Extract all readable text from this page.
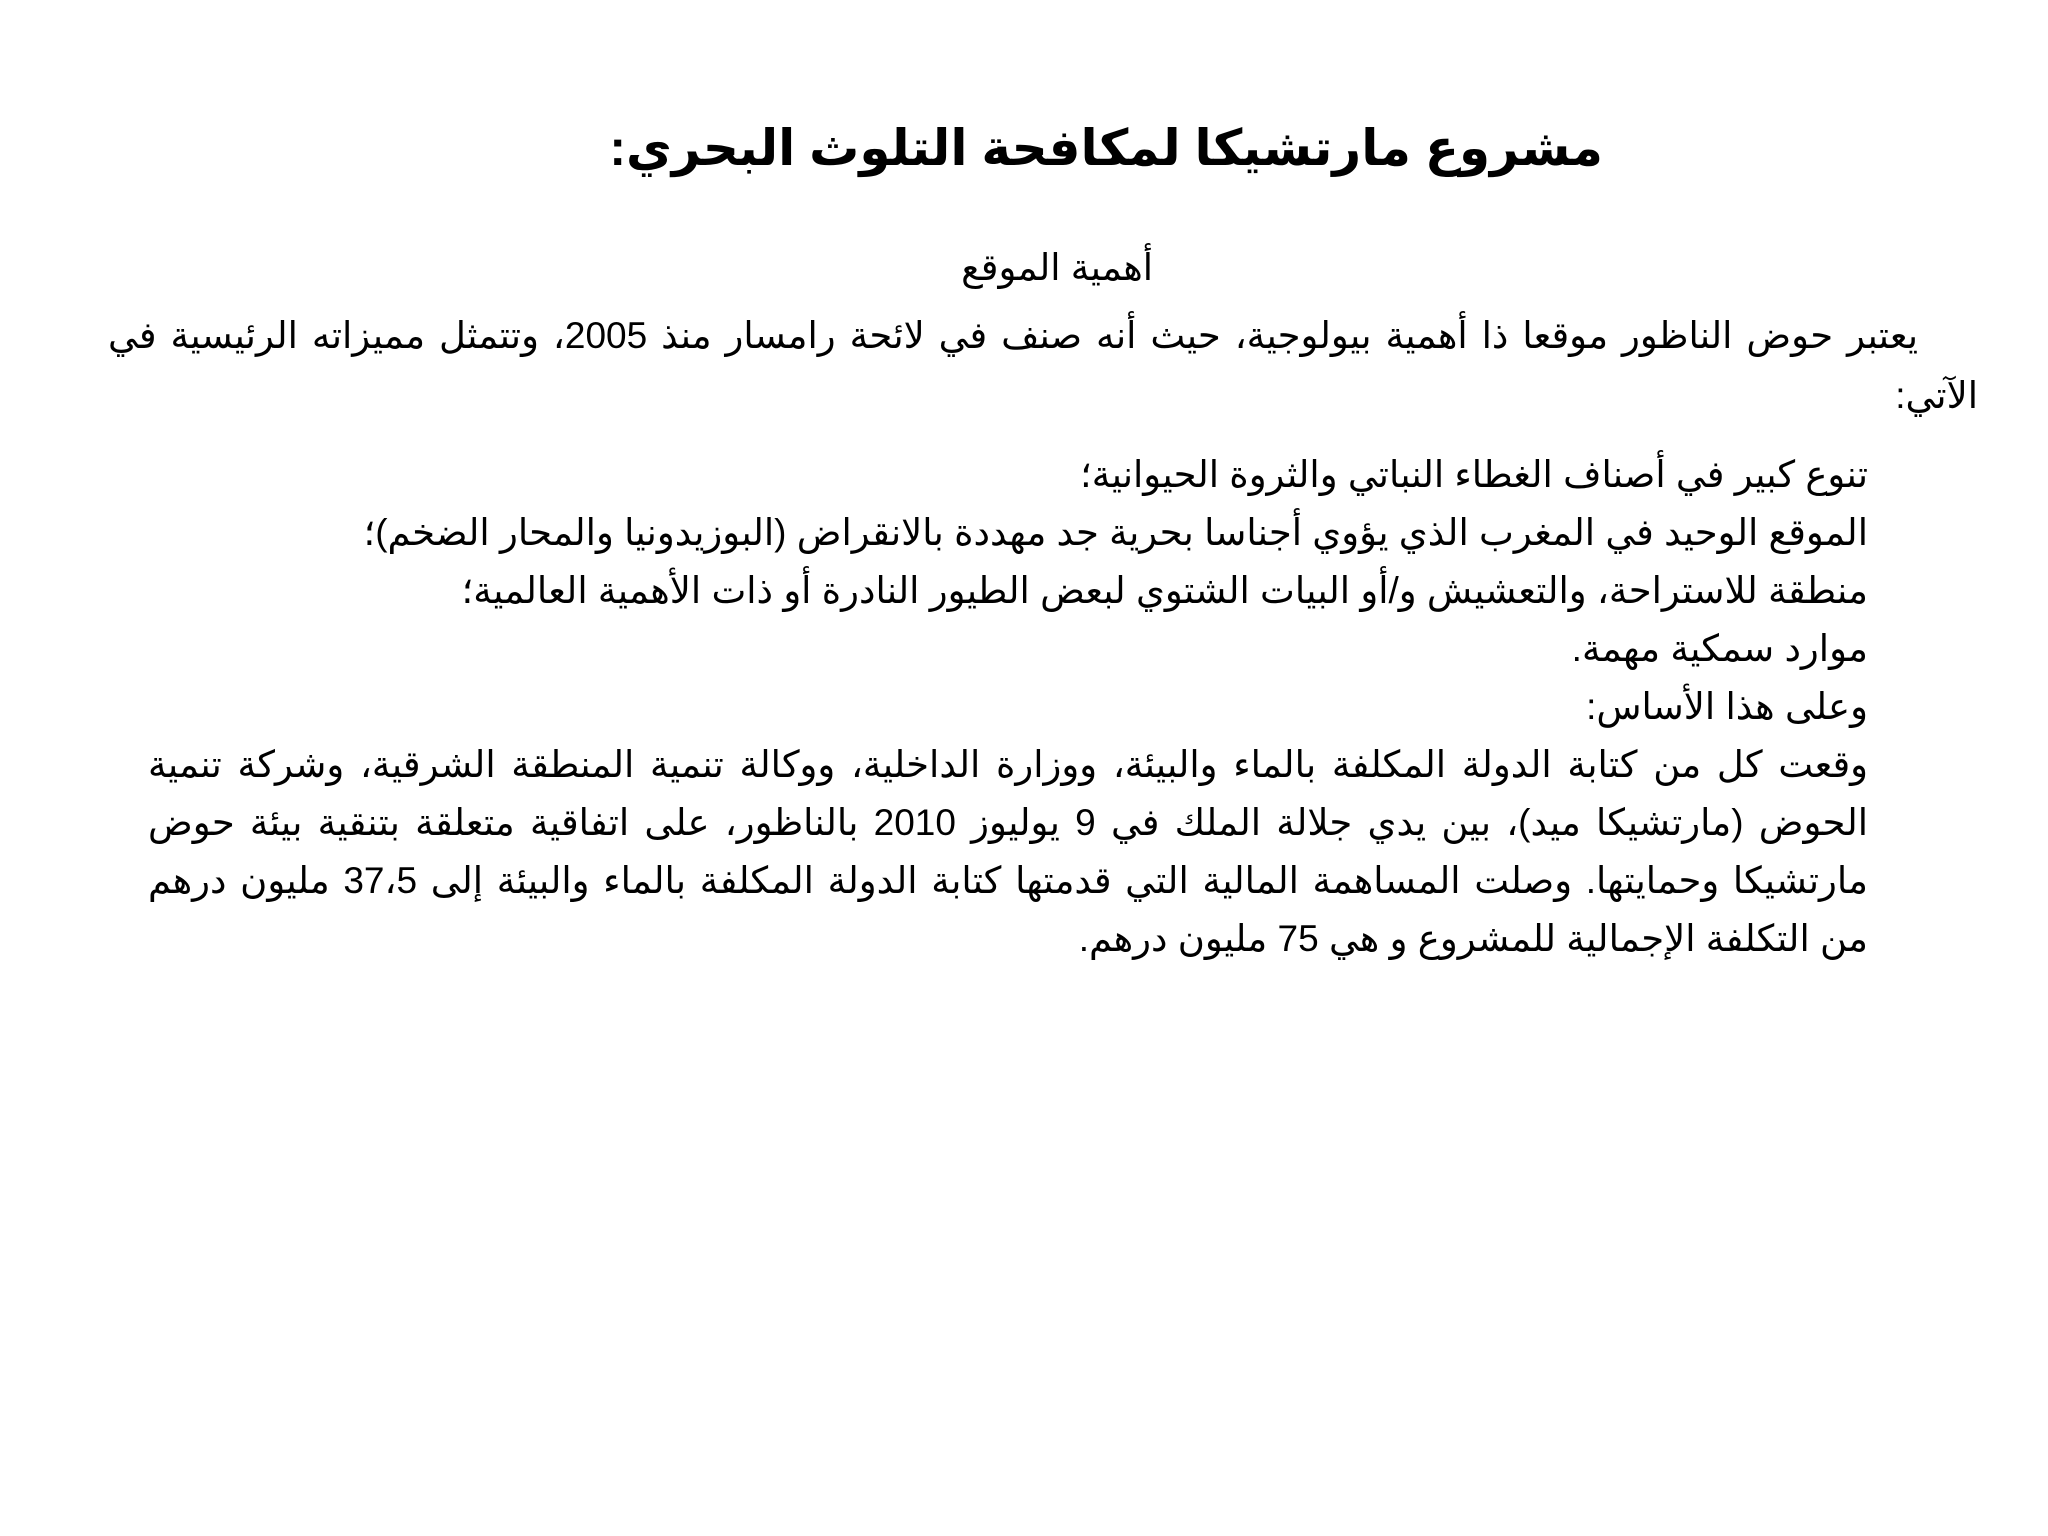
مشروع مارتشيكا لمكافحة التلوث البحري:
أهمية الموقع

يعتبر حوض الناظور موقعا ذا أهمية بيولوجية، حيث أنه صنف في لائحة رامسار منذ 2005، وتتمثل مميزاته الرئيسية في الآتي:

تنوع كبير في أصناف الغطاء النباتي والثروة الحيوانية؛

الموقع الوحيد في المغرب الذي يؤوي أجناسا بحرية جد مهددة بالانقراض (البوزيدونيا والمحار الضخم)؛

منطقة للاستراحة، والتعشيش و/أو البيات الشتوي لبعض الطيور النادرة أو ذات الأهمية العالمية؛

موارد سمكية مهمة.

وعلى هذا الأساس:

وقعت كل من كتابة الدولة المكلفة بالماء والبيئة، ووزارة الداخلية، ووكالة تنمية المنطقة الشرقية، وشركة تنمية الحوض (مارتشيكا ميد)، بين يدي جلالة الملك في 9 يوليوز 2010 بالناظور، على اتفاقية متعلقة بتنقية بيئة حوض مارتشيكا وحمايتها. وصلت المساهمة المالية التي قدمتها كتابة الدولة المكلفة بالماء والبيئة إلى 37،5 مليون درهم من التكلفة الإجمالية للمشروع و هي 75 مليون درهم.
